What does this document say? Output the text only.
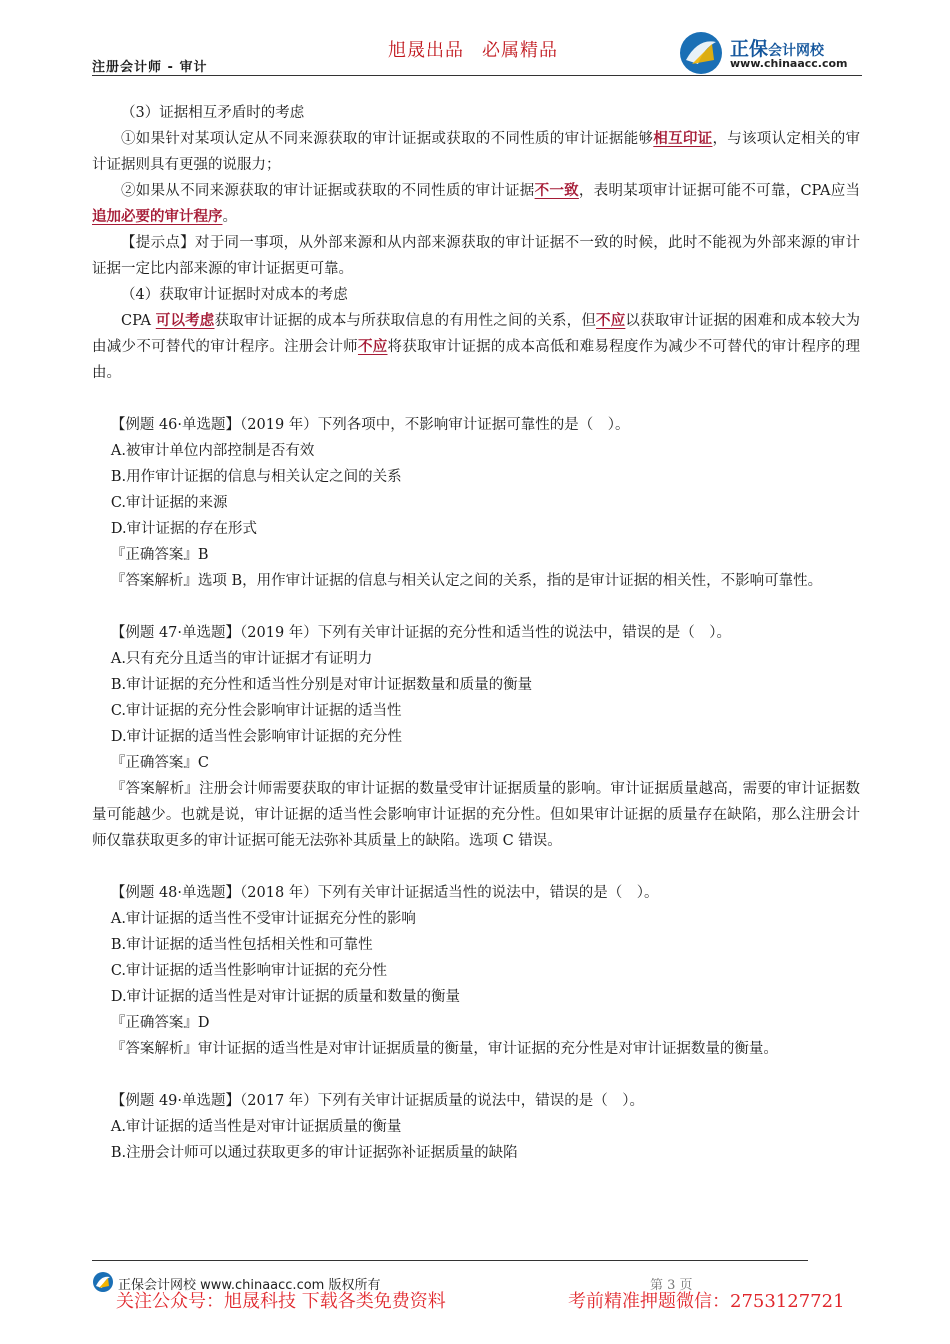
注册会计师 - 审计
旭晟出品 必属精品	正保会计网校
www.chinaacc.com

（3）证据相互矛盾时的考虑

①如果针对某项认定从不同来源获取的审计证据或获取的不同性质的审计证据能够相互印证，与该项认定相关的审计证据则具有更强的说服力；

②如果从不同来源获取的审计证据或获取的不同性质的审计证据不一致，表明某项审计证据可能不可靠，CPA应当追加必要的审计程序。

【提示点】对于同一事项，从外部来源和从内部来源获取的审计证据不一致的时候，此时不能视为外部来源的审计证据一定比内部来源的审计证据更可靠。

（4）获取审计证据时对成本的考虑

CPA 可以考虑获取审计证据的成本与所获取信息的有用性之间的关系，但不应以获取审计证据的困难和成本较大为由减少不可替代的审计程序。注册会计师不应将获取审计证据的成本高低和难易程度作为减少不可替代的审计程序的理由。

【例题 46·单选题】（2019 年）下列各项中，不影响审计证据可靠性的是（　）。

A.被审计单位内部控制是否有效

B.用作审计证据的信息与相关认定之间的关系

C.审计证据的来源

D.审计证据的存在形式

『正确答案』B

『答案解析』选项 B，用作审计证据的信息与相关认定之间的关系，指的是审计证据的相关性，不影响可靠性。

【例题 47·单选题】（2019 年）下列有关审计证据的充分性和适当性的说法中，错误的是（　）。

A.只有充分且适当的审计证据才有证明力

B.审计证据的充分性和适当性分别是对审计证据数量和质量的衡量

C.审计证据的充分性会影响审计证据的适当性

D.审计证据的适当性会影响审计证据的充分性

『正确答案』C

『答案解析』注册会计师需要获取的审计证据的数量受审计证据质量的影响。审计证据质量越高，需要的审计证据数量可能越少。也就是说，审计证据的适当性会影响审计证据的充分性。但如果审计证据的质量存在缺陷，那么注册会计师仅靠获取更多的审计证据可能无法弥补其质量上的缺陷。选项 C 错误。

【例题 48·单选题】（2018 年）下列有关审计证据适当性的说法中，错误的是（　）。

A.审计证据的适当性不受审计证据充分性的影响

B.审计证据的适当性包括相关性和可靠性

C.审计证据的适当性影响审计证据的充分性

D.审计证据的适当性是对审计证据的质量和数量的衡量

『正确答案』D

『答案解析』审计证据的适当性是对审计证据质量的衡量，审计证据的充分性是对审计证据数量的衡量。

【例题 49·单选题】（2017 年）下列有关审计证据质量的说法中，错误的是（　）。

A.审计证据的适当性是对审计证据质量的衡量

B.注册会计师可以通过获取更多的审计证据弥补证据质量的缺陷

正保会计网校 www.chinaacc.com 版权所有	第 3 页
关注公众号：旭晟科技 下载各类免费资料	考前精准押题微信：2753127721
